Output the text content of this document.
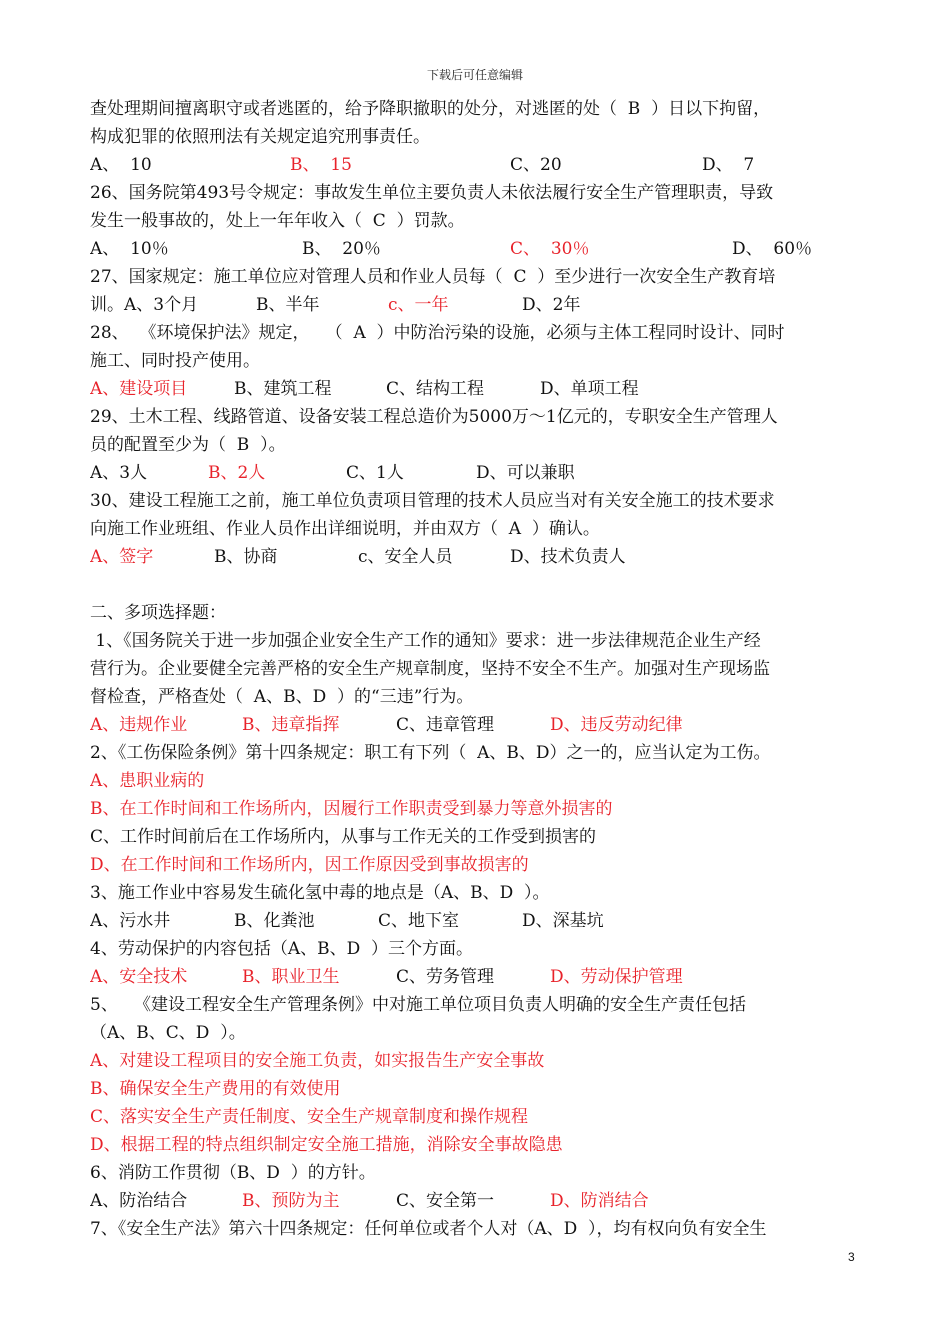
下载后可任意编辑
查处理期间擅离职守或者逃匿的，给予降职撤职的处分，对逃匿的处（  B  ）日以下拘留，
构成犯罪的依照刑法有关规定追究刑事责任。
A、  10	B、  15	C、20	D、  7
26、国务院第493号令规定：事故发生单位主要负责人未依法履行安全生产管理职责，导致
发生一般事故的，处上一年年收入（  C  ）罚款。
A、  10％	B、  20％	C、  30％	D、  60％
27、国家规定：施工单位应对管理人员和作业人员每（  C  ）至少进行一次安全生产教育培
训。A、3个月	B、半年	c、一年	D、2年
28、  《环境保护法》规定，   （  A  ）中防治污染的设施，必须与主体工程同时设计、同时
施工、同时投产使用。
A、建设项目	B、建筑工程	C、结构工程	D、单项工程
29、土木工程、线路管道、设备安装工程总造价为5000万～1亿元的，专职安全生产管理人
员的配置至少为（  B  ）。
A、3人	B、2人	C、1人	D、可以兼职
30、建设工程施工之前，施工单位负责项目管理的技术人员应当对有关安全施工的技术要求
向施工作业班组、作业人员作出详细说明，并由双方（  A  ）确认。
A、签字	B、协商	c、安全人员	D、技术负责人
二、多项选择题：
1、《国务院关于进一步加强企业安全生产工作的通知》要求：进一步法律规范企业生产经
营行为。企业要健全完善严格的安全生产规章制度，坚持不安全不生产。加强对生产现场监
督检查，严格查处（  A、B、D  ）的“三违”行为。
A、违规作业	B、违章指挥	C、违章管理	D、违反劳动纪律
2、《工伤保险条例》第十四条规定：职工有下列（  A、B、D）之一的，应当认定为工伤。
A、患职业病的
B、在工作时间和工作场所内，因履行工作职责受到暴力等意外损害的
C、工作时间前后在工作场所内，从事与工作无关的工作受到损害的
D、在工作时间和工作场所内，因工作原因受到事故损害的
3、施工作业中容易发生硫化氢中毒的地点是（A、B、D  ）。
A、污水井	B、化粪池	C、地下室	D、深基坑
4、劳动保护的内容包括（A、B、D  ）三个方面。
A、安全技术	B、职业卫生	C、劳务管理	D、劳动保护管理
5、   《建设工程安全生产管理条例》中对施工单位项目负责人明确的安全生产责任包括
（A、B、C、D  ）。
A、对建设工程项目的安全施工负责，如实报告生产安全事故
B、确保安全生产费用的有效使用
C、落实安全生产责任制度、安全生产规章制度和操作规程
D、根据工程的特点组织制定安全施工措施，消除安全事故隐患
6、消防工作贯彻（B、D  ）的方针。
A、防治结合	B、预防为主	C、安全第一	D、防消结合
7、《安全生产法》第六十四条规定：任何单位或者个人对（A、D  ），均有权向负有安全生
3
